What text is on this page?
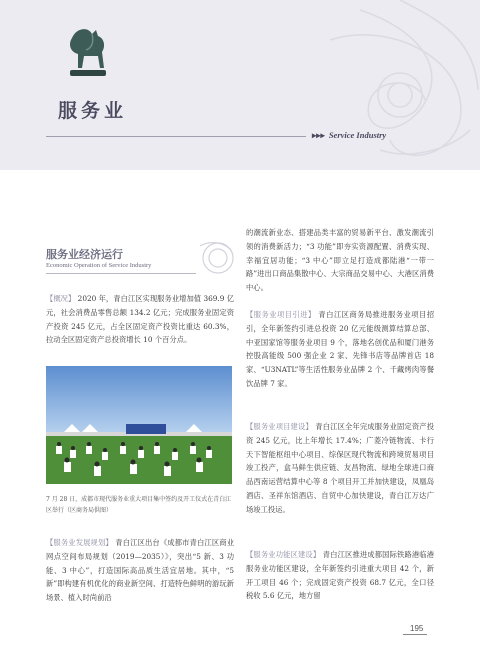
服务业
▸▸▸ Service Industry
服务业经济运行
Economic Operation of Service Industry
【概况】 2020 年，青白江区实现服务业增加值 369.9 亿元，社会消费品零售总额 134.2 亿元；完成服务业固定资产投资 245 亿元，占全区固定资产投资比重达 60.3%，拉动全区固定资产总投资增长 10 个百分点。
7 月 28 日，成都市现代服务业重大项目集中签约及开工仪式在青白江区举行（区商务局供图）
【服务业发展规划】 青白江区出台《成都市青白江区商业网点空间布局规划（2019—2035）》，突出“5 新、3 功能、3 中心”，打造国际高品质生活宜居地。其中，“5 新”即构建有机优化的商业新空间、打造特色鲜明的游玩新场景、植入时尚前沿
的潮流新业态、搭建品类丰富的贸易新平台、激发潮流引领的消费新活力；“3 功能”即夯实资源配置、消费实现、幸福宜居功能；“3 中心”即立足打造成都陆港“一带一路”进出口商品集散中心、大宗商品交易中心、大港区消费中心。
【服务业项目引进】 青白江区商务局推进服务业项目招引，全年新签约引进总投资 20 亿元能级测算结算总部、中亚国家馆等服务业项目 9 个，落地名创优品和厦门港务控股高能级 500 强企业 2 家、先锋书店等品牌首店 18 家、“U3NATL”等生活性服务业品牌 2 个、千藏烤肉等餐饮品牌 7 家。
【服务业项目建设】 青白江区全年完成服务业固定资产投资 245 亿元，比上年增长 17.4%；广菱冷链物流、卡行天下智能枢纽中心项目、综保区现代物流和跨境贸易项目竣工投产，盒马鲜生供应链、友昌物流、绿地全球进口商品西南运营结算中心等 8 个项目开工并加快建设，凤凰岛酒店、圣祥东馆酒店、自贸中心加快建设，青白江万达广场竣工投运。
【服务业功能区建设】 青白江区推进成都国际铁路港临港服务业功能区建设，全年新签约引进重大项目 42 个，新开工项目 46 个；完成固定资产投资 68.7 亿元，全口径税收 5.6 亿元，地方留
195
